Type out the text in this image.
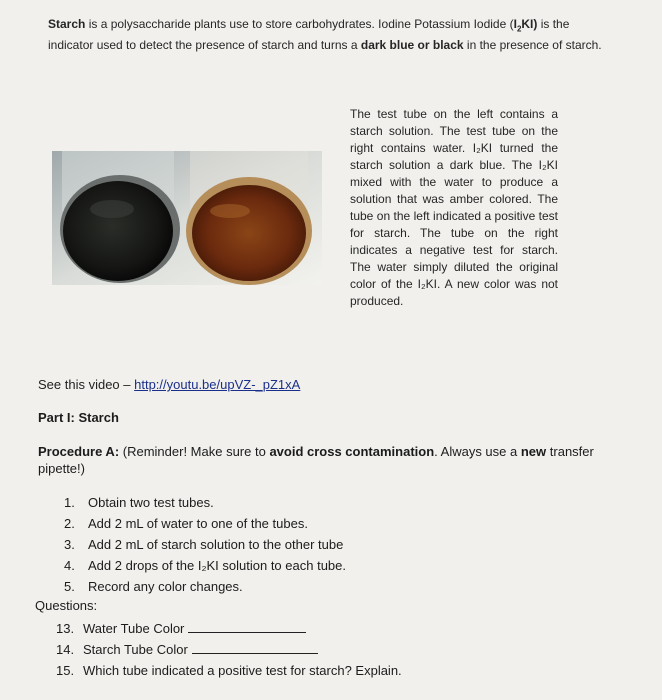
Starch is a polysaccharide plants use to store carbohydrates. Iodine Potassium Iodide $(I_2KI)$ is the indicator used to detect the presence of starch and turns a dark blue or black in the presence of starch.
The test tube on the left contains a starch solution. The test tube on the right contains water. I₂KI turned the starch solution a dark blue. The I₂KI mixed with the water to produce a solution that was amber colored. The tube on the left indicated a positive test for starch. The tube on the right indicates a negative test for starch. The water simply diluted the original color of the I₂KI. A new color was not produced.
See this video – http://youtu.be/upVZ-_pZ1xA
Part I: Starch
Procedure A: (Reminder! Make sure to avoid cross contamination. Always use a new transfer pipette!)
1. Obtain two test tubes.
2. Add 2 mL of water to one of the tubes.
3. Add 2 mL of starch solution to the other tube
4. Add 2 drops of the I₂KI solution to each tube.
5. Record any color changes.
Questions:
13. Water Tube Color
14. Starch Tube Color
15. Which tube indicated a positive test for starch? Explain.
